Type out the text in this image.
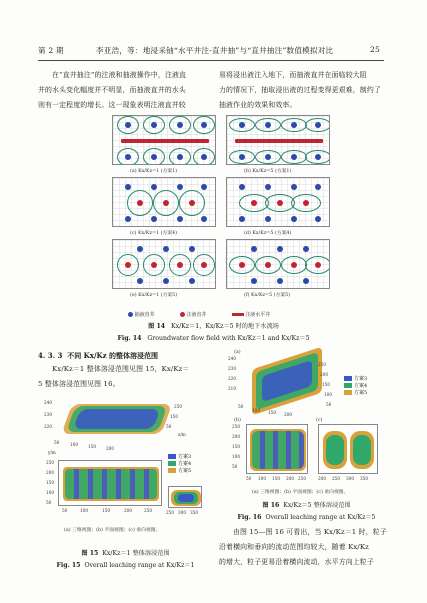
第 2 期	李亚浩，等：地浸采铀“水平井注-直井抽”与“直井抽注”数值模拟对比	25

在“直井抽注”的注液和抽液操作中，注液直

井的水头变化幅度并不明显，而抽液直井的水头

则有一定程度的增长。这一现象表明注液直井较

易将浸出液注入地下，而抽液直井在面临较大阻

力的情况下，抽取浸出液的过程变得更艰难，制约了

抽液作业的效果和效率。

(a) Kx/Kz=1 (方案1)	(b) Kx/Kz=5 (方案1)
(c) Kx/Kz=1 (方案4)	(d) Kx/Kz=5 (方案4)
(e) Kx/Kz=1 (方案5)	(f) Kx/Kz=5 (方案5)
抽液直井	注液直井	注液水平井
图 14 Kx/Kz＝1，Kx/Kz＝5 时的地下水流场
Fig. 14 Groundwater flow field with Kx/Kz＝1 and Kx/Kz＝5
4. 3. 3 不同 Kx/Kz 的整体溶浸范围

Kx/Kz＝1 整体溶浸范围见图 15，Kx/Kz＝

5 整体溶浸范围见图 16。

240
230
220
50	100 150 200
y/m
50
150
250
x/m
方案3
方案4
方案5
250
200
150
100
50
50	100	150	200	250	250 300 350
(a) 三维视图；(b) 平面视图；(c) 垂向视图。
图 15 Kx/Kz＝1 整体溶浸范围
Fig. 15 Overall leaching range at Kx/Kz＝1
(a)
240
230
220
210
50
100 150 200
250
200
150
100
50
方案3
方案4
方案5
(b)
250
200
150
100
50
50 100 150 200 250
(c)
200 250 300 350
(a) 三维视图；(b) 平面视图；(c) 垂向视图。
图 16 Kx/Kz＝5 整体溶浸范围
Fig. 16 Overall leaching range at Kx/Kz＝5

由图 15—图 16 可看出，当 Kx/Kz＝1 时，粒子

沿着横向和垂向的流动范围均较大，随着 Kx/Kz

的增大，粒子更易沿着横向流动，水平方向上粒子
